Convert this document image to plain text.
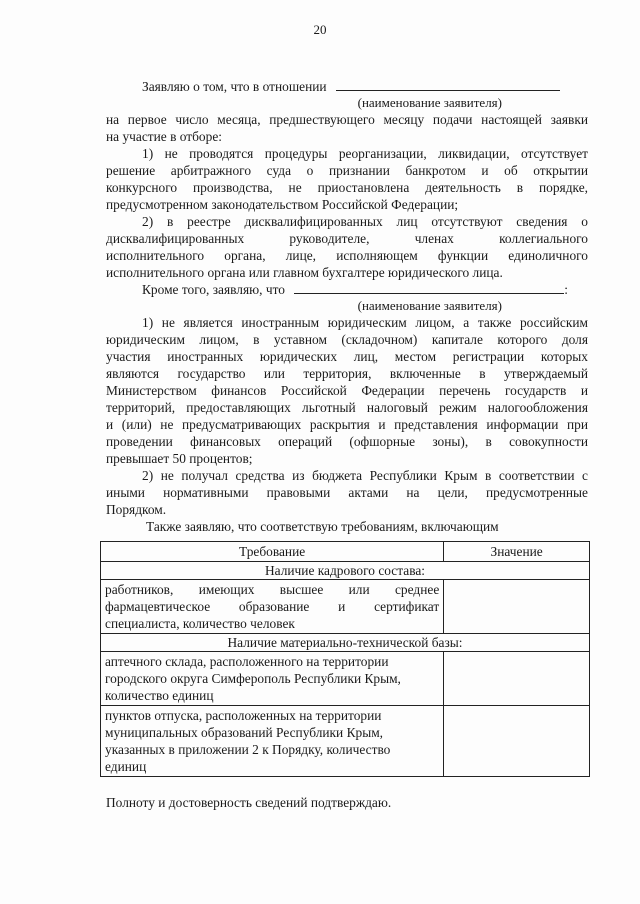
20
Заявляю о том, что в отношении
(наименование заявителя)
на первое число месяца, предшествующего месяцу подачи настоящей заявки
на участие в отборе:
1) не проводятся процедуры реорганизации, ликвидации, отсутствует
решение арбитражного суда о признании банкротом и об открытии
конкурсного производства, не приостановлена деятельность в порядке,
предусмотренном законодательством Российской Федерации;
2) в реестре дисквалифицированных лиц отсутствуют сведения о
дисквалифицированных руководителе, членах коллегиального
исполнительного органа, лице, исполняющем функции единоличного
исполнительного органа или главном бухгалтере юридического лица.
Кроме того, заявляю, что	:
(наименование заявителя)
1) не является иностранным юридическим лицом, а также российским
юридическим лицом, в уставном (складочном) капитале которого доля
участия иностранных юридических лиц, местом регистрации которых
являются государство или территория, включенные в утверждаемый
Министерством финансов Российской Федерации перечень государств и
территорий, предоставляющих льготный налоговый режим налогообложения
и (или) не предусматривающих раскрытия и представления информации при
проведении финансовых операций (офшорные зоны), в совокупности
превышает 50 процентов;
2) не получал средства из бюджета Республики Крым в соответствии с
иными нормативными правовыми актами на цели, предусмотренные
Порядком.
Также заявляю, что соответствую требованиям, включающим
Требование	Значение
Наличие кадрового состава:	

работников, имеющих высшее или среднее
фармацевтическое образование и сертификат
специалиста, количество человек	

Наличие материально-технической базы:	

аптечного склада, расположенного на территории
городского округа Симферополь Республики Крым,
количество единиц	

пунктов отпуска, расположенных на территории
муниципальных образований Республики Крым,
указанных в приложении 2 к Порядку, количество
единиц	

Полноту и достоверность сведений подтверждаю.
